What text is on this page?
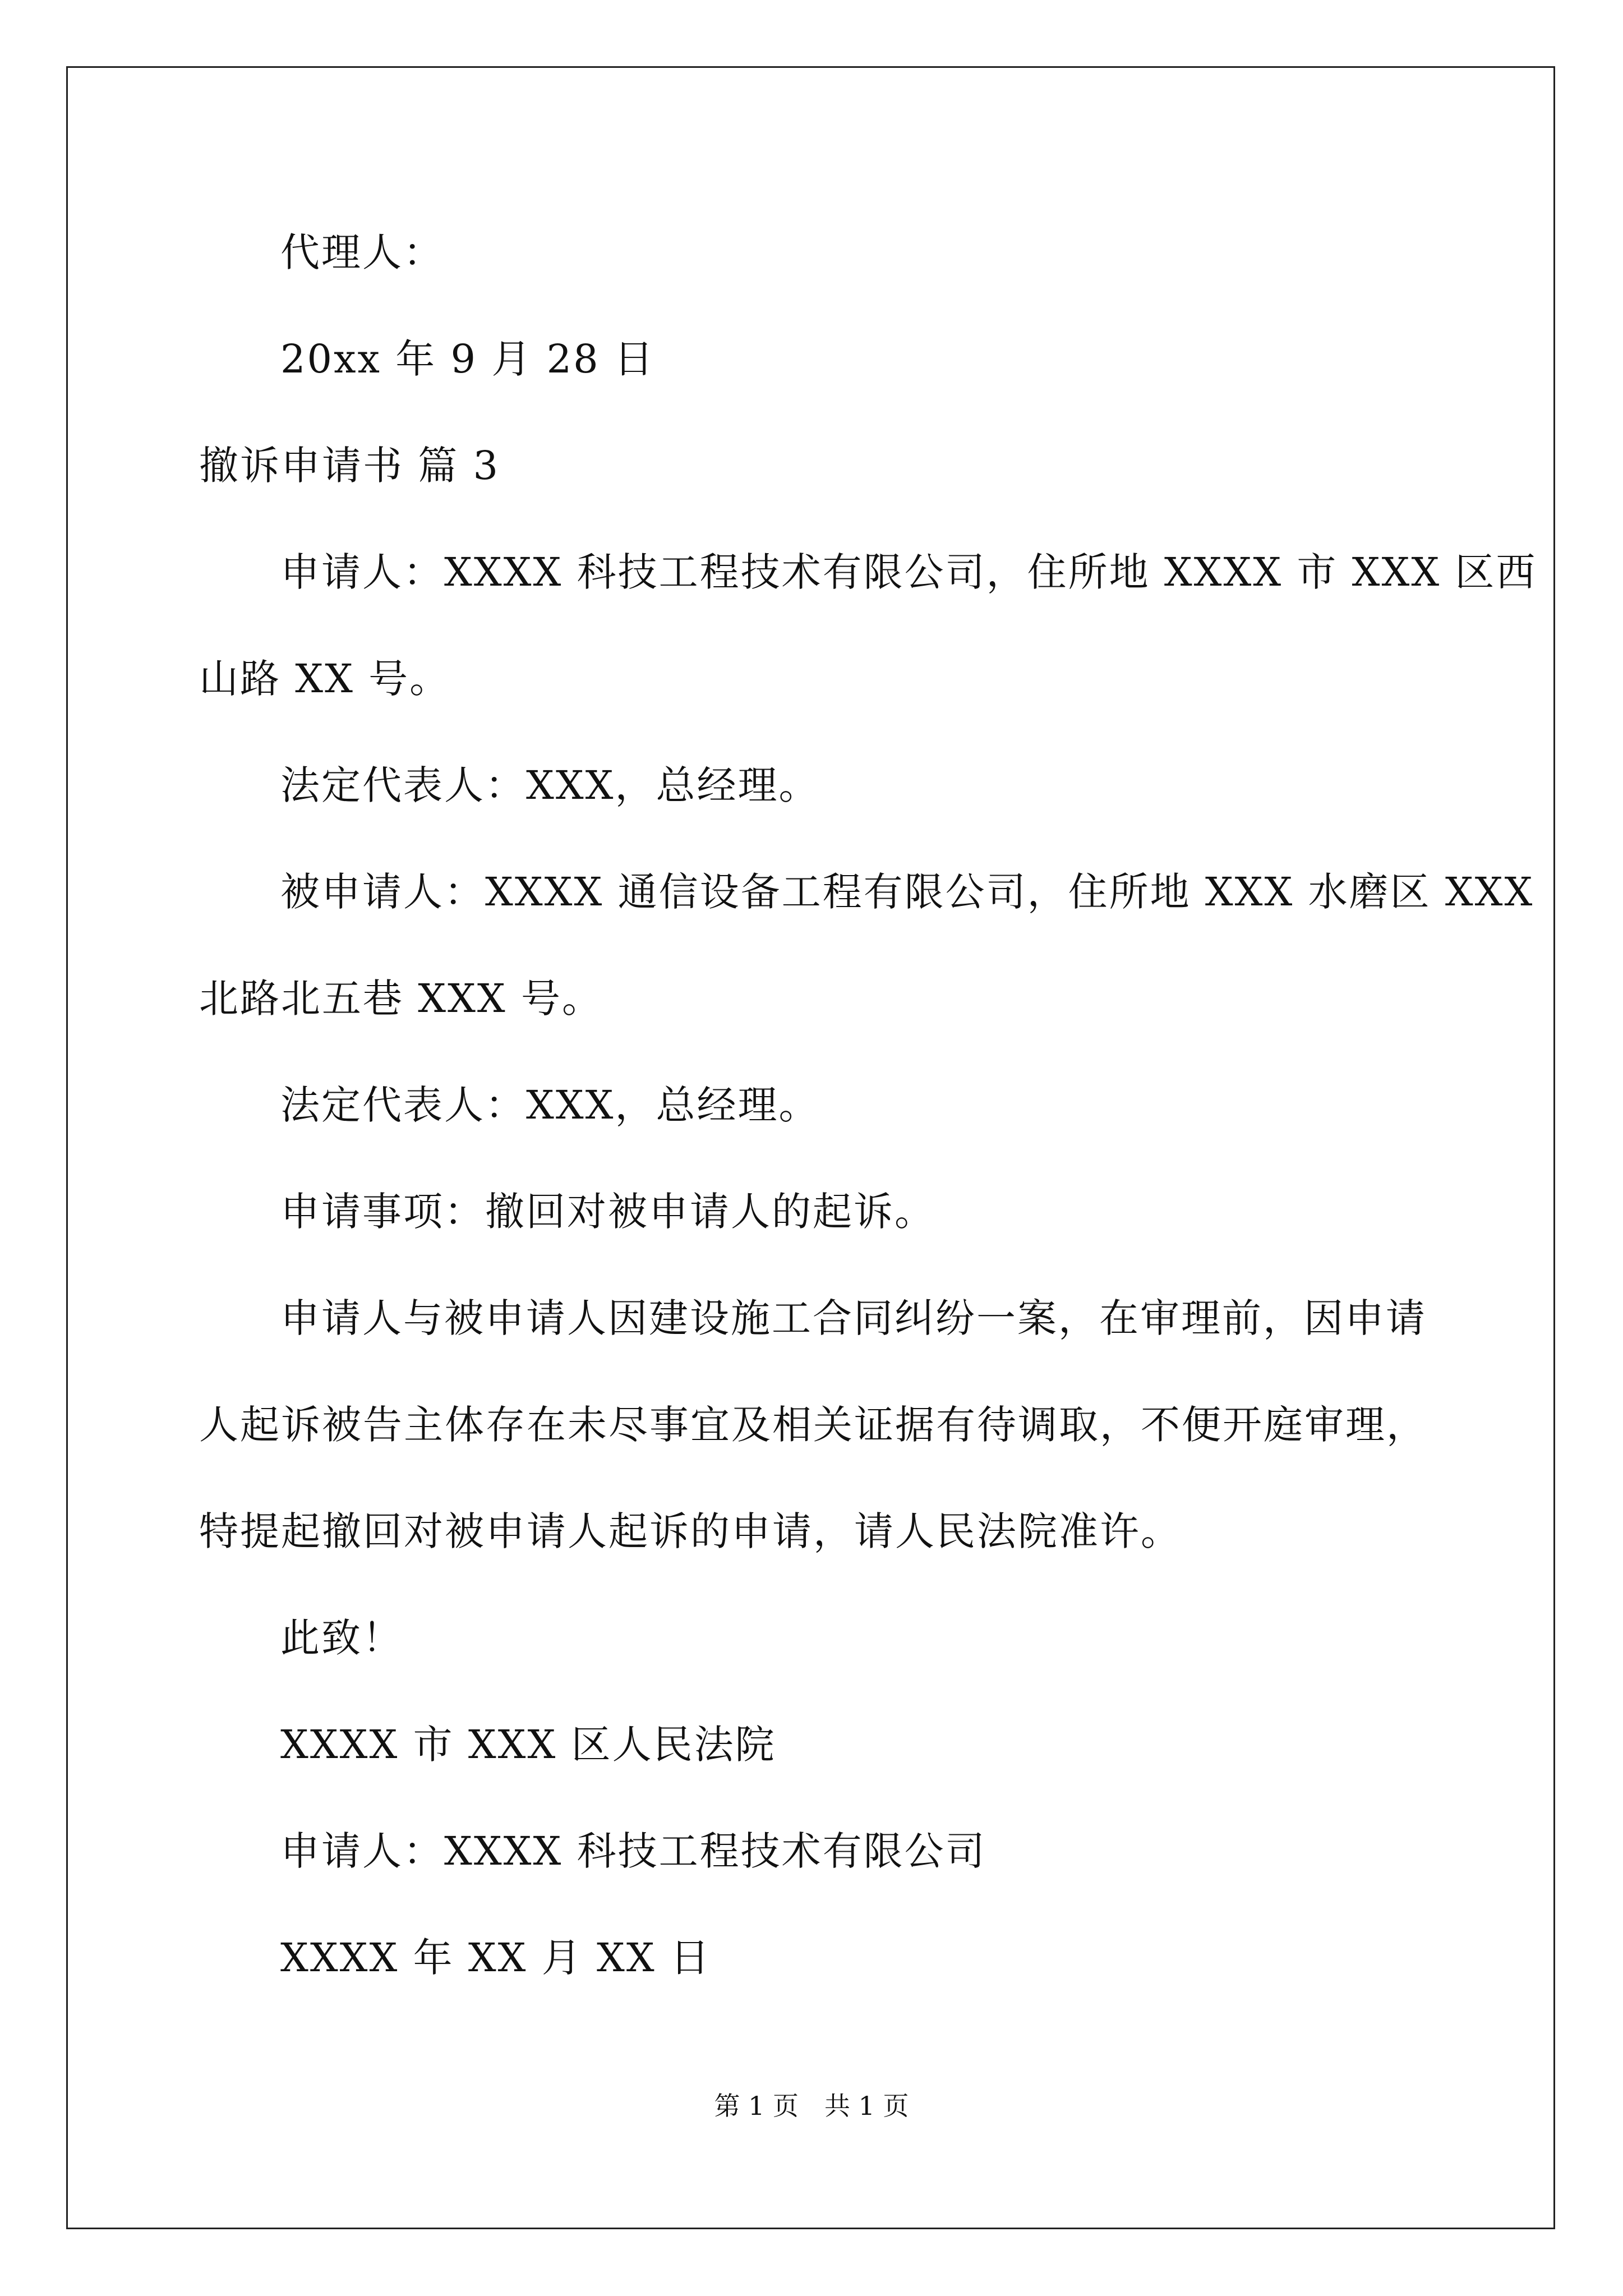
代理人：
20xx 年 9 月 28 日
撤诉申请书 篇 3
申请人：XXXX 科技工程技术有限公司，住所地 XXXX 市 XXX 区西
山路 XX 号。
法定代表人：XXX，总经理。
被申请人：XXXX 通信设备工程有限公司，住所地 XXX 水磨区 XXX
北路北五巷 XXX 号。
法定代表人：XXX，总经理。
申请事项：撤回对被申请人的起诉。
申请人与被申请人因建设施工合同纠纷一案，在审理前，因申请
人起诉被告主体存在未尽事宜及相关证据有待调取，不便开庭审理，
特提起撤回对被申请人起诉的申请，请人民法院准许。
此致！
XXXX 市 XXX 区人民法院
申请人：XXXX 科技工程技术有限公司
XXXX 年 XX 月 XX 日
第 1 页　共 1 页
